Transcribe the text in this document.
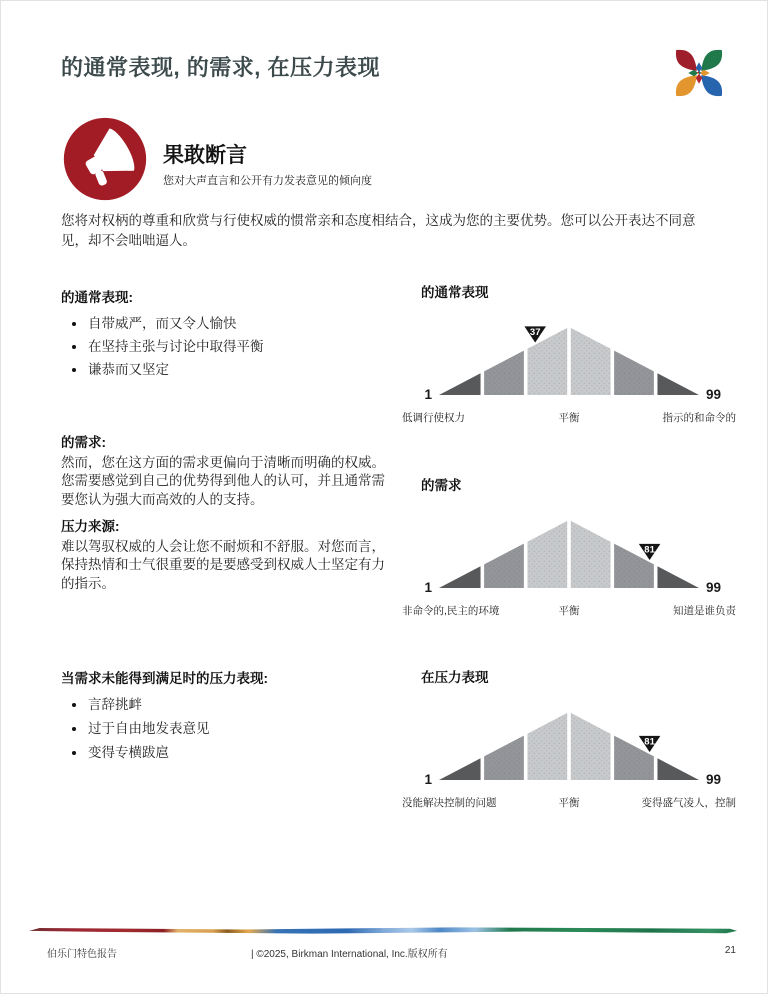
的通常表现, 的需求, 在压力表现
果敢断言

您对大声直言和公开有力发表意见的倾向度

您将对权柄的尊重和欣赏与行使权威的惯常亲和态度相结合，这成为您的主要优势。您可以公开表达不同意见，却不会咄咄逼人。

的通常表现:
自带威严，而又令人愉快
在坚持主张与讨论中取得平衡
谦恭而又坚定
的需求:

然而，您在这方面的需求更偏向于清晰而明确的权威。您需要感觉到自己的优势得到他人的认可，并且通常需要您认为强大而高效的人的支持。

压力来源:

难以驾驭权威的人会让您不耐烦和不舒服。对您而言，保持热情和士气很重要的是要感受到权威人士坚定有力的指示。

当需求未能得到满足时的压力表现:
言辞挑衅
过于自由地发表意见
变得专横跋扈
的通常表现
37
1	99
低调行使权力	平衡	指示的和命令的
的需求
81
1	99
非命令的,民主的环境	平衡	知道是谁负责
在压力表现
81
1	99
没能解决控制的问题	平衡	变得盛气凌人，控制
伯乐门特色报告	| ©2025, Birkman International, Inc.版权所有	21
